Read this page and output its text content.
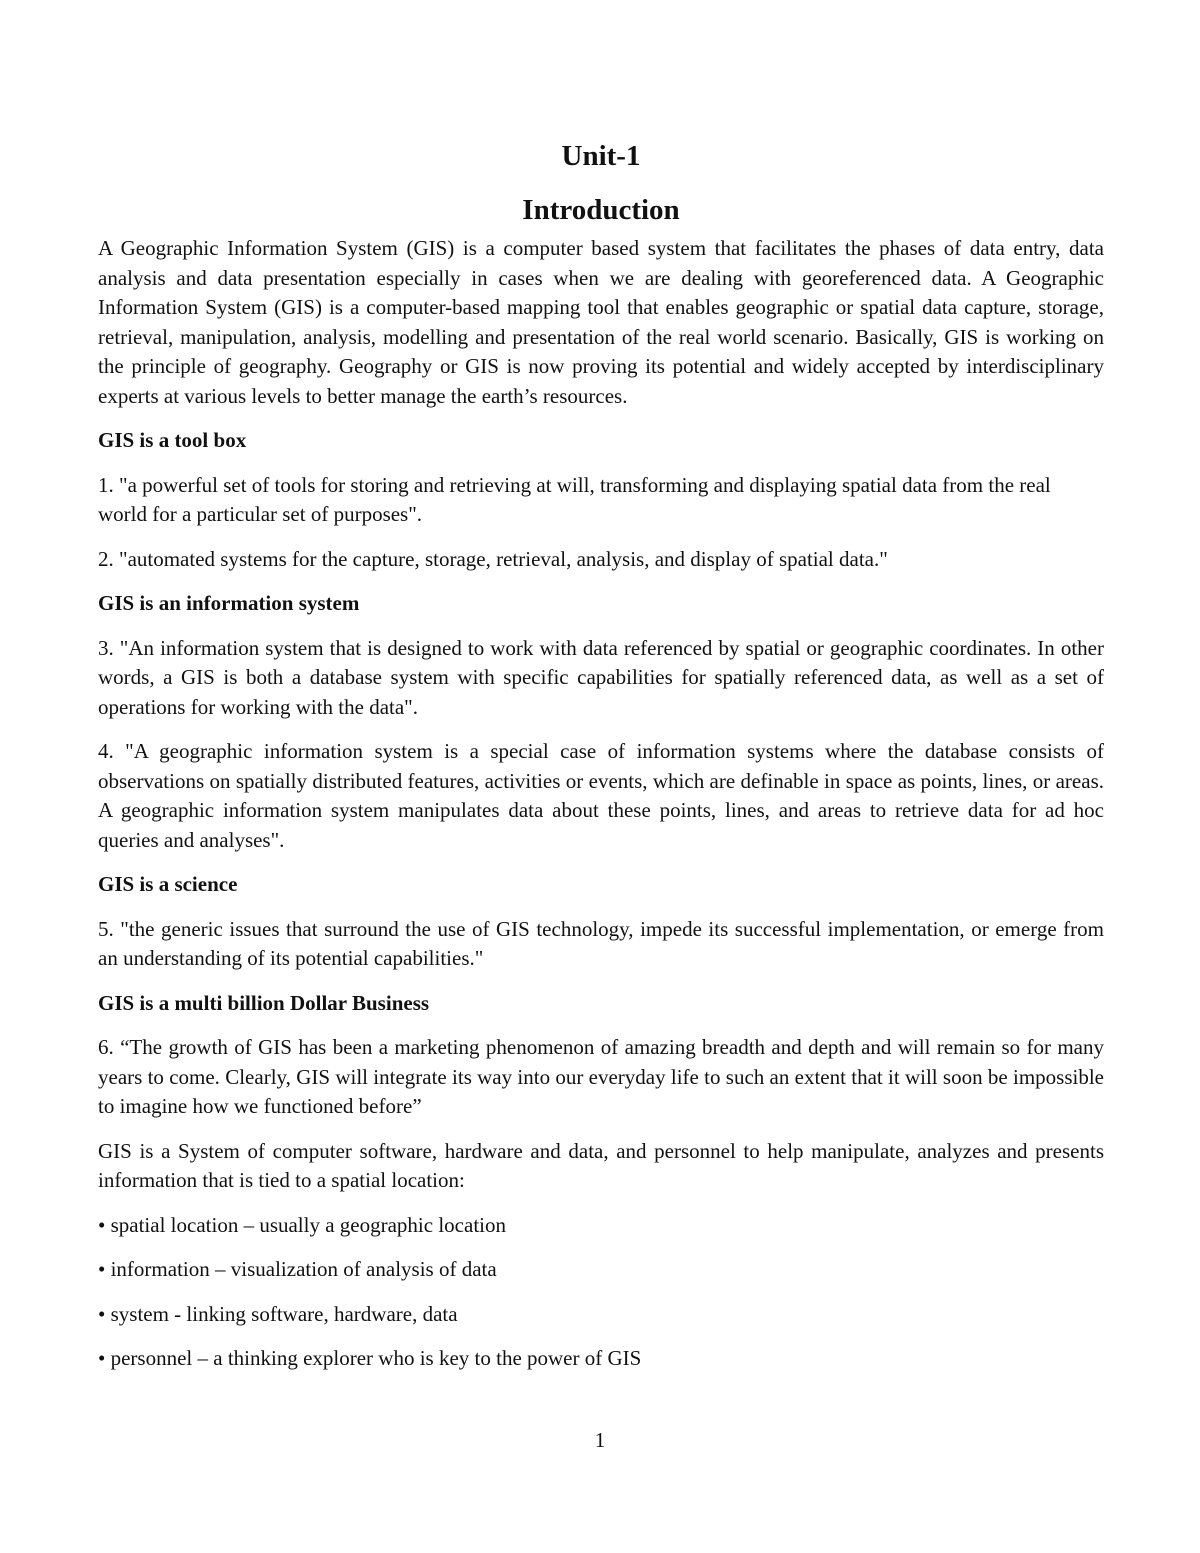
Unit-1
Introduction

A Geographic Information System (GIS) is a computer based system that facilitates the phases of data entry, data analysis and data presentation especially in cases when we are dealing with georeferenced data. A Geographic Information System (GIS) is a computer-based mapping tool that enables geographic or spatial data capture, storage, retrieval, manipulation, analysis, modelling and presentation of the real world scenario. Basically, GIS is working on the principle of geography. Geography or GIS is now proving its potential and widely accepted by interdisciplinary experts at various levels to better manage the earth’s resources.

GIS is a tool box

1. "a powerful set of tools for storing and retrieving at will, transforming and displaying spatial data from the real world for a particular set of purposes".

2. "automated systems for the capture, storage, retrieval, analysis, and display of spatial data."

GIS is an information system

3. "An information system that is designed to work with data referenced by spatial or geographic coordinates. In other words, a GIS is both a database system with specific capabilities for spatially referenced data, as well as a set of operations for working with the data".

4. "A geographic information system is a special case of information systems where the database consists of observations on spatially distributed features, activities or events, which are definable in space as points, lines, or areas. A geographic information system manipulates data about these points, lines, and areas to retrieve data for ad hoc queries and analyses".

GIS is a science

5. "the generic issues that surround the use of GIS technology, impede its successful implementation, or emerge from an understanding of its potential capabilities."

GIS is a multi billion Dollar Business

6. “The growth of GIS has been a marketing phenomenon of amazing breadth and depth and will remain so for many years to come. Clearly, GIS will integrate its way into our everyday life to such an extent that it will soon be impossible to imagine how we functioned before”

GIS is a System of computer software, hardware and data, and personnel to help manipulate, analyzes and presents information that is tied to a spatial location:

• spatial location – usually a geographic location

• information – visualization of analysis of data

• system - linking software, hardware, data

• personnel – a thinking explorer who is key to the power of GIS

1
